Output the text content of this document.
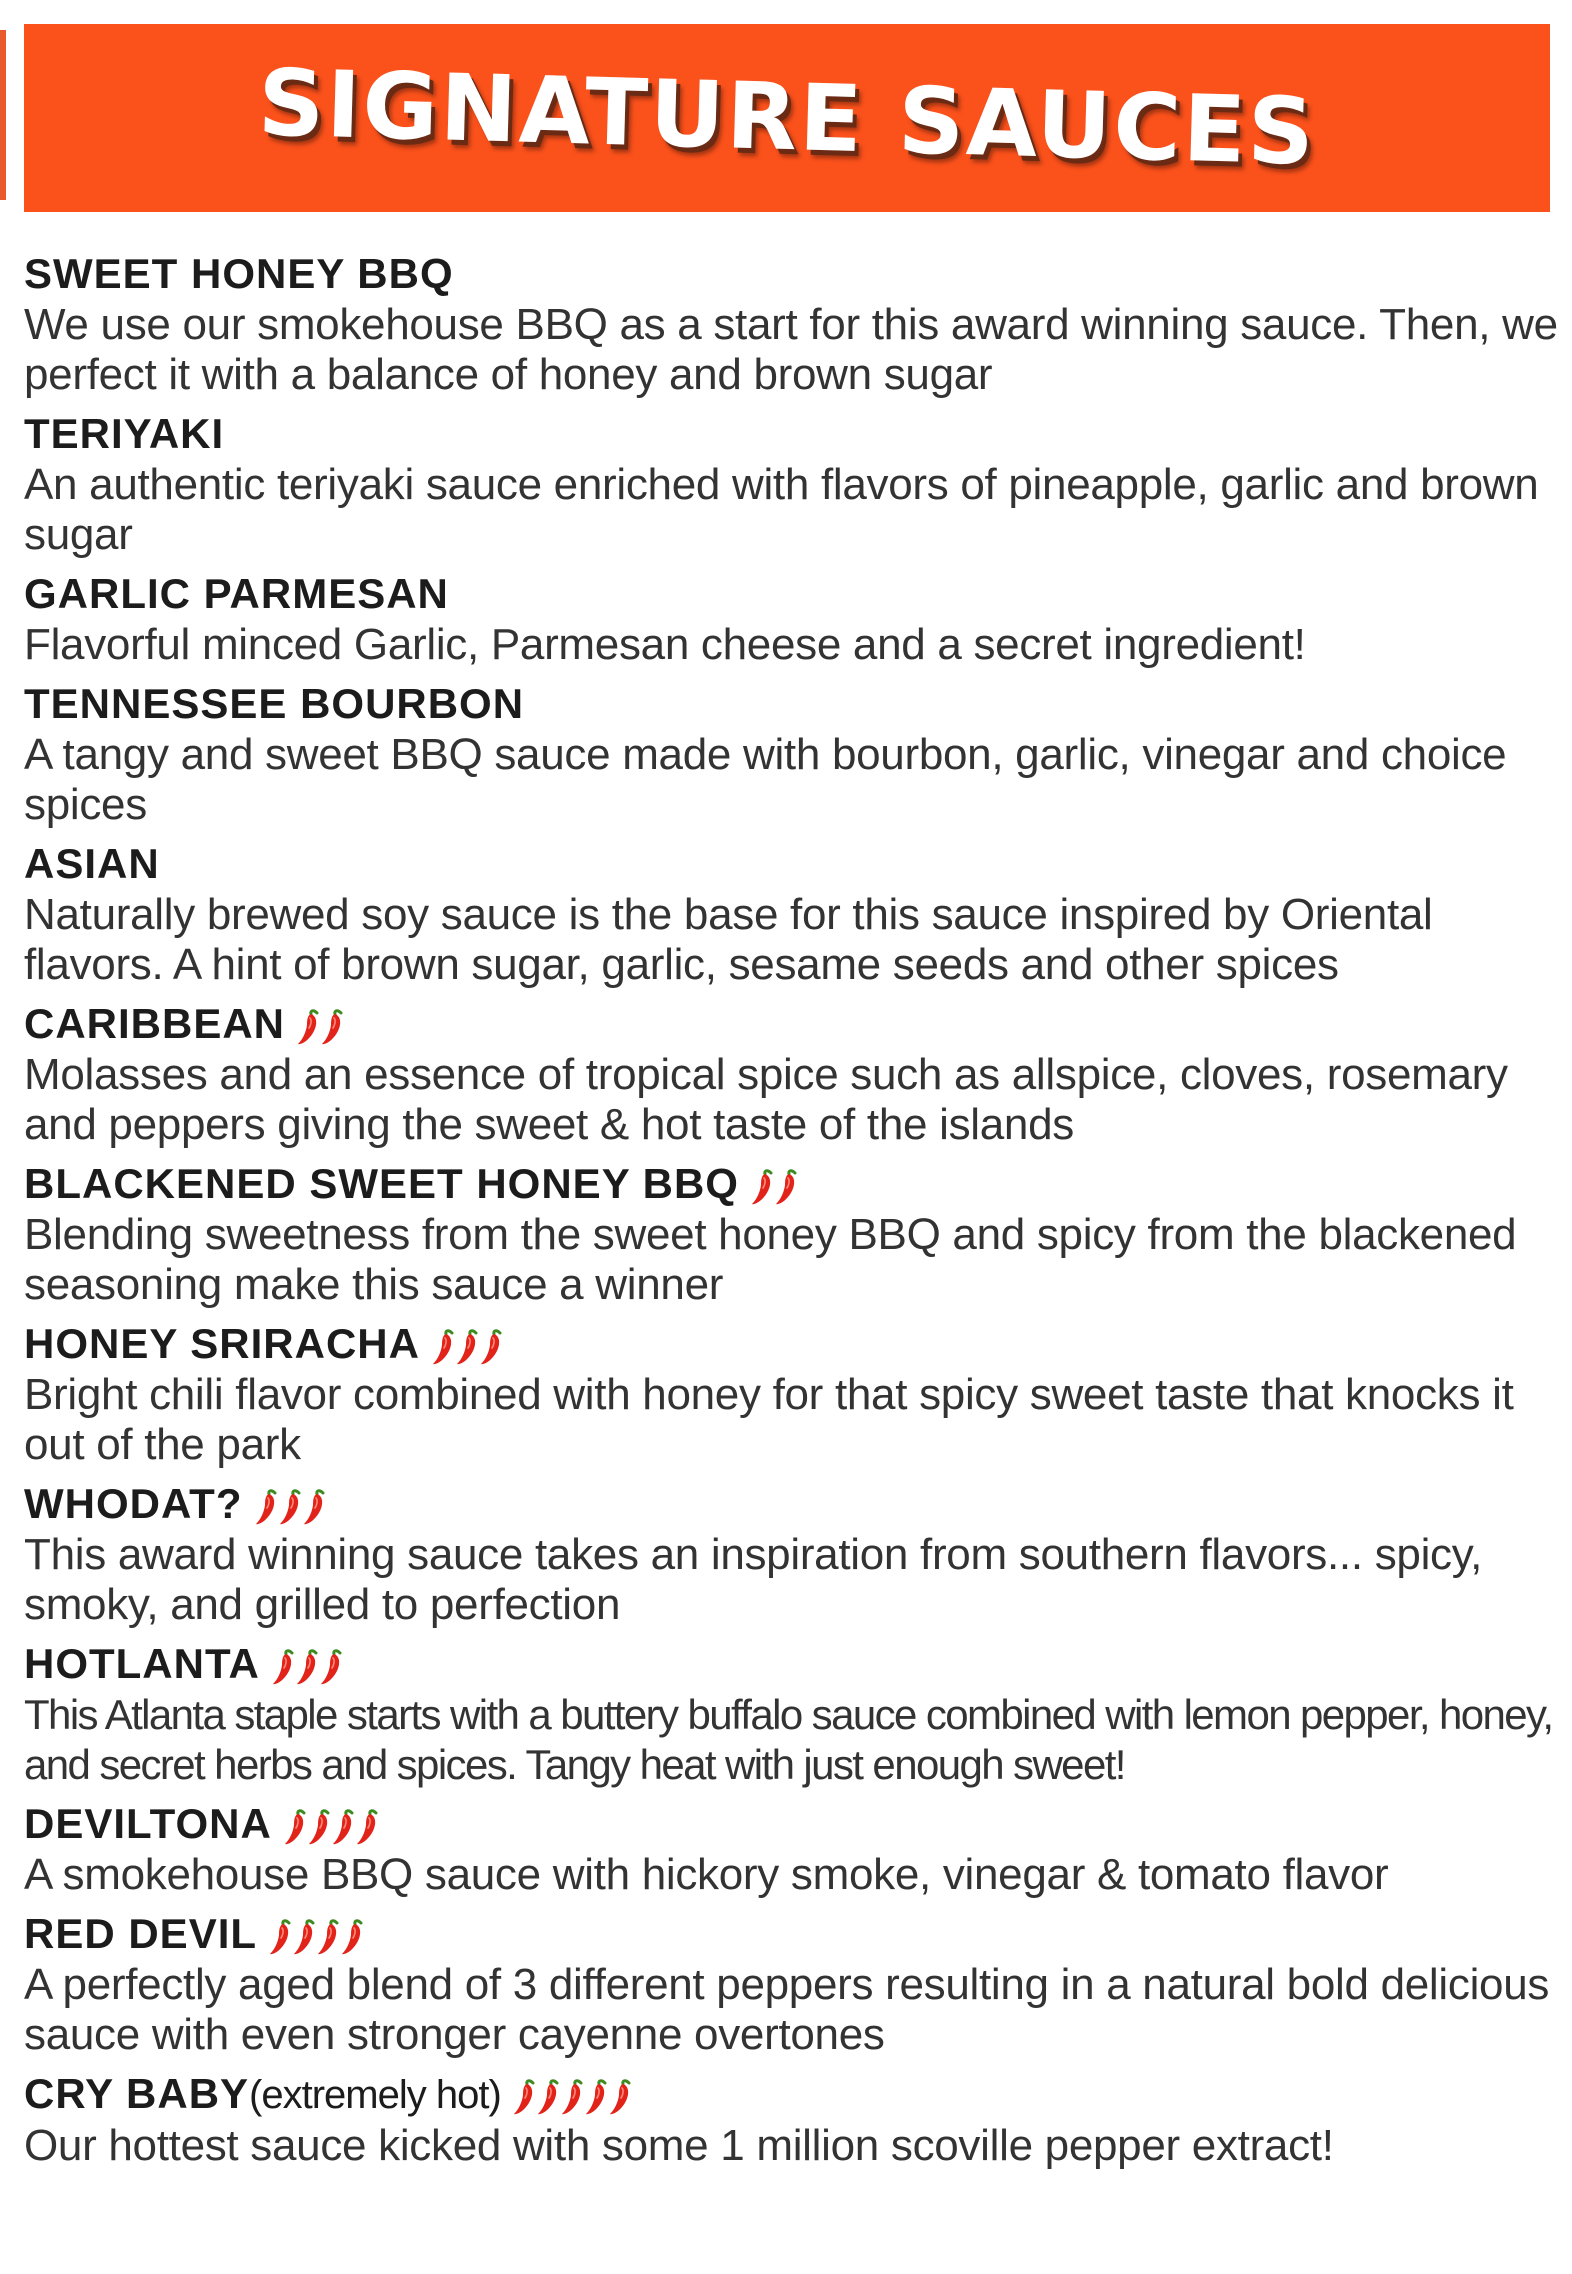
SIGNATURE SAUCES
SWEET HONEY BBQ
We use our smokehouse BBQ as a start for this award winning sauce. Then, we perfect it with a balance of honey and brown sugar
TERIYAKI
An authentic teriyaki sauce enriched with flavors of pineapple, garlic and brown sugar
GARLIC PARMESAN
Flavorful minced Garlic, Parmesan cheese and a secret ingredient!
TENNESSEE BOURBON
A tangy and sweet BBQ sauce made with bourbon, garlic, vinegar and choice spices
ASIAN
Naturally brewed soy sauce is the base for this sauce inspired by Oriental flavors. A hint of brown sugar, garlic, sesame seeds and other spices
CARIBBEAN
Molasses and an essence of tropical spice such as allspice, cloves, rosemary and peppers giving the sweet & hot taste of the islands
BLACKENED SWEET HONEY BBQ
Blending sweetness from the sweet honey BBQ and spicy from the blackened seasoning make this sauce a winner
HONEY SRIRACHA
Bright chili flavor combined with honey for that spicy sweet taste that knocks it out of the park
WHODAT?
This award winning sauce takes an inspiration from southern flavors... spicy, smoky, and grilled to perfection
HOTLANTA
This Atlanta staple starts with a buttery buffalo sauce combined with lemon pepper, honey, and secret herbs and spices. Tangy heat with just enough sweet!
DEVILTONA
A smokehouse BBQ sauce with hickory smoke, vinegar & tomato flavor
RED DEVIL
A perfectly aged blend of 3 different peppers resulting in a natural bold delicious sauce with even stronger cayenne overtones
CRY BABY(extremely hot)
Our hottest sauce kicked with some 1 million scoville pepper extract!
